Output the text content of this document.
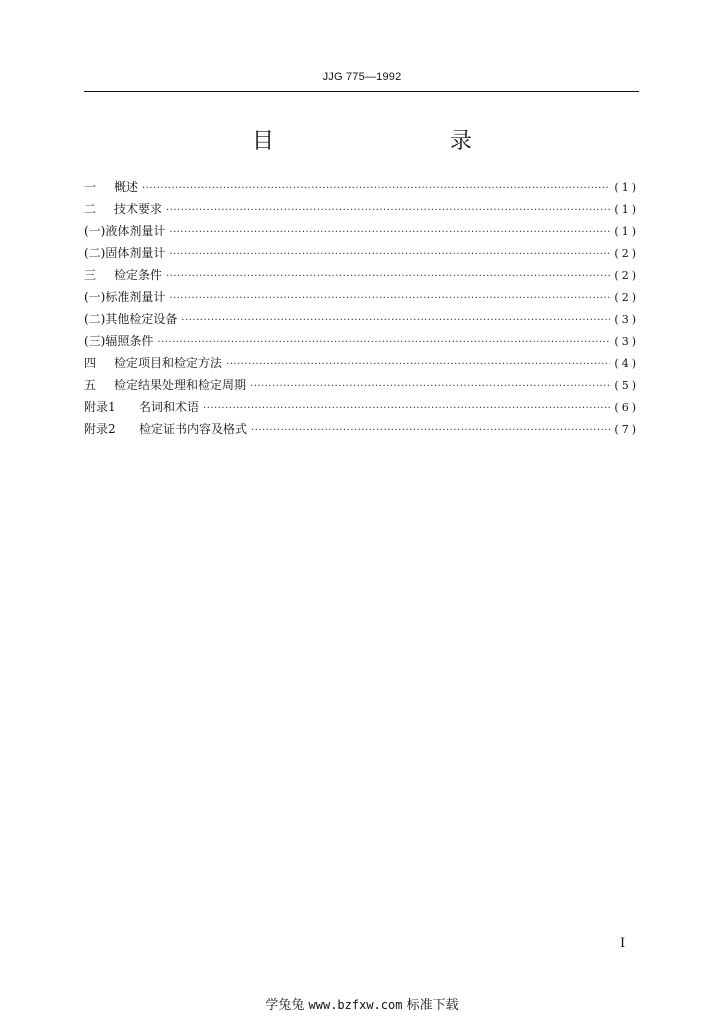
JJG 775—1992
目　　录
一	概述 ·····	(1)
二	技术要求 ·····	(1)
(一) 液体剂量计 ·····	(1)
(二) 固体剂量计 ·····	(2)
三	检定条件 ·····	(2)
(一) 标准剂量计 ·····	(2)
(二) 其他检定设备 ·····	(3)
(三) 辐照条件 ·····	(3)
四	检定项目和检定方法 ·····	(4)
五	检定结果处理和检定周期 ·····	(5)
附录1	名词和术语 ·····	(6)
附录2	检定证书内容及格式 ·····	(7)
I
学兔兔 www.bzfxw.com 标准下载
